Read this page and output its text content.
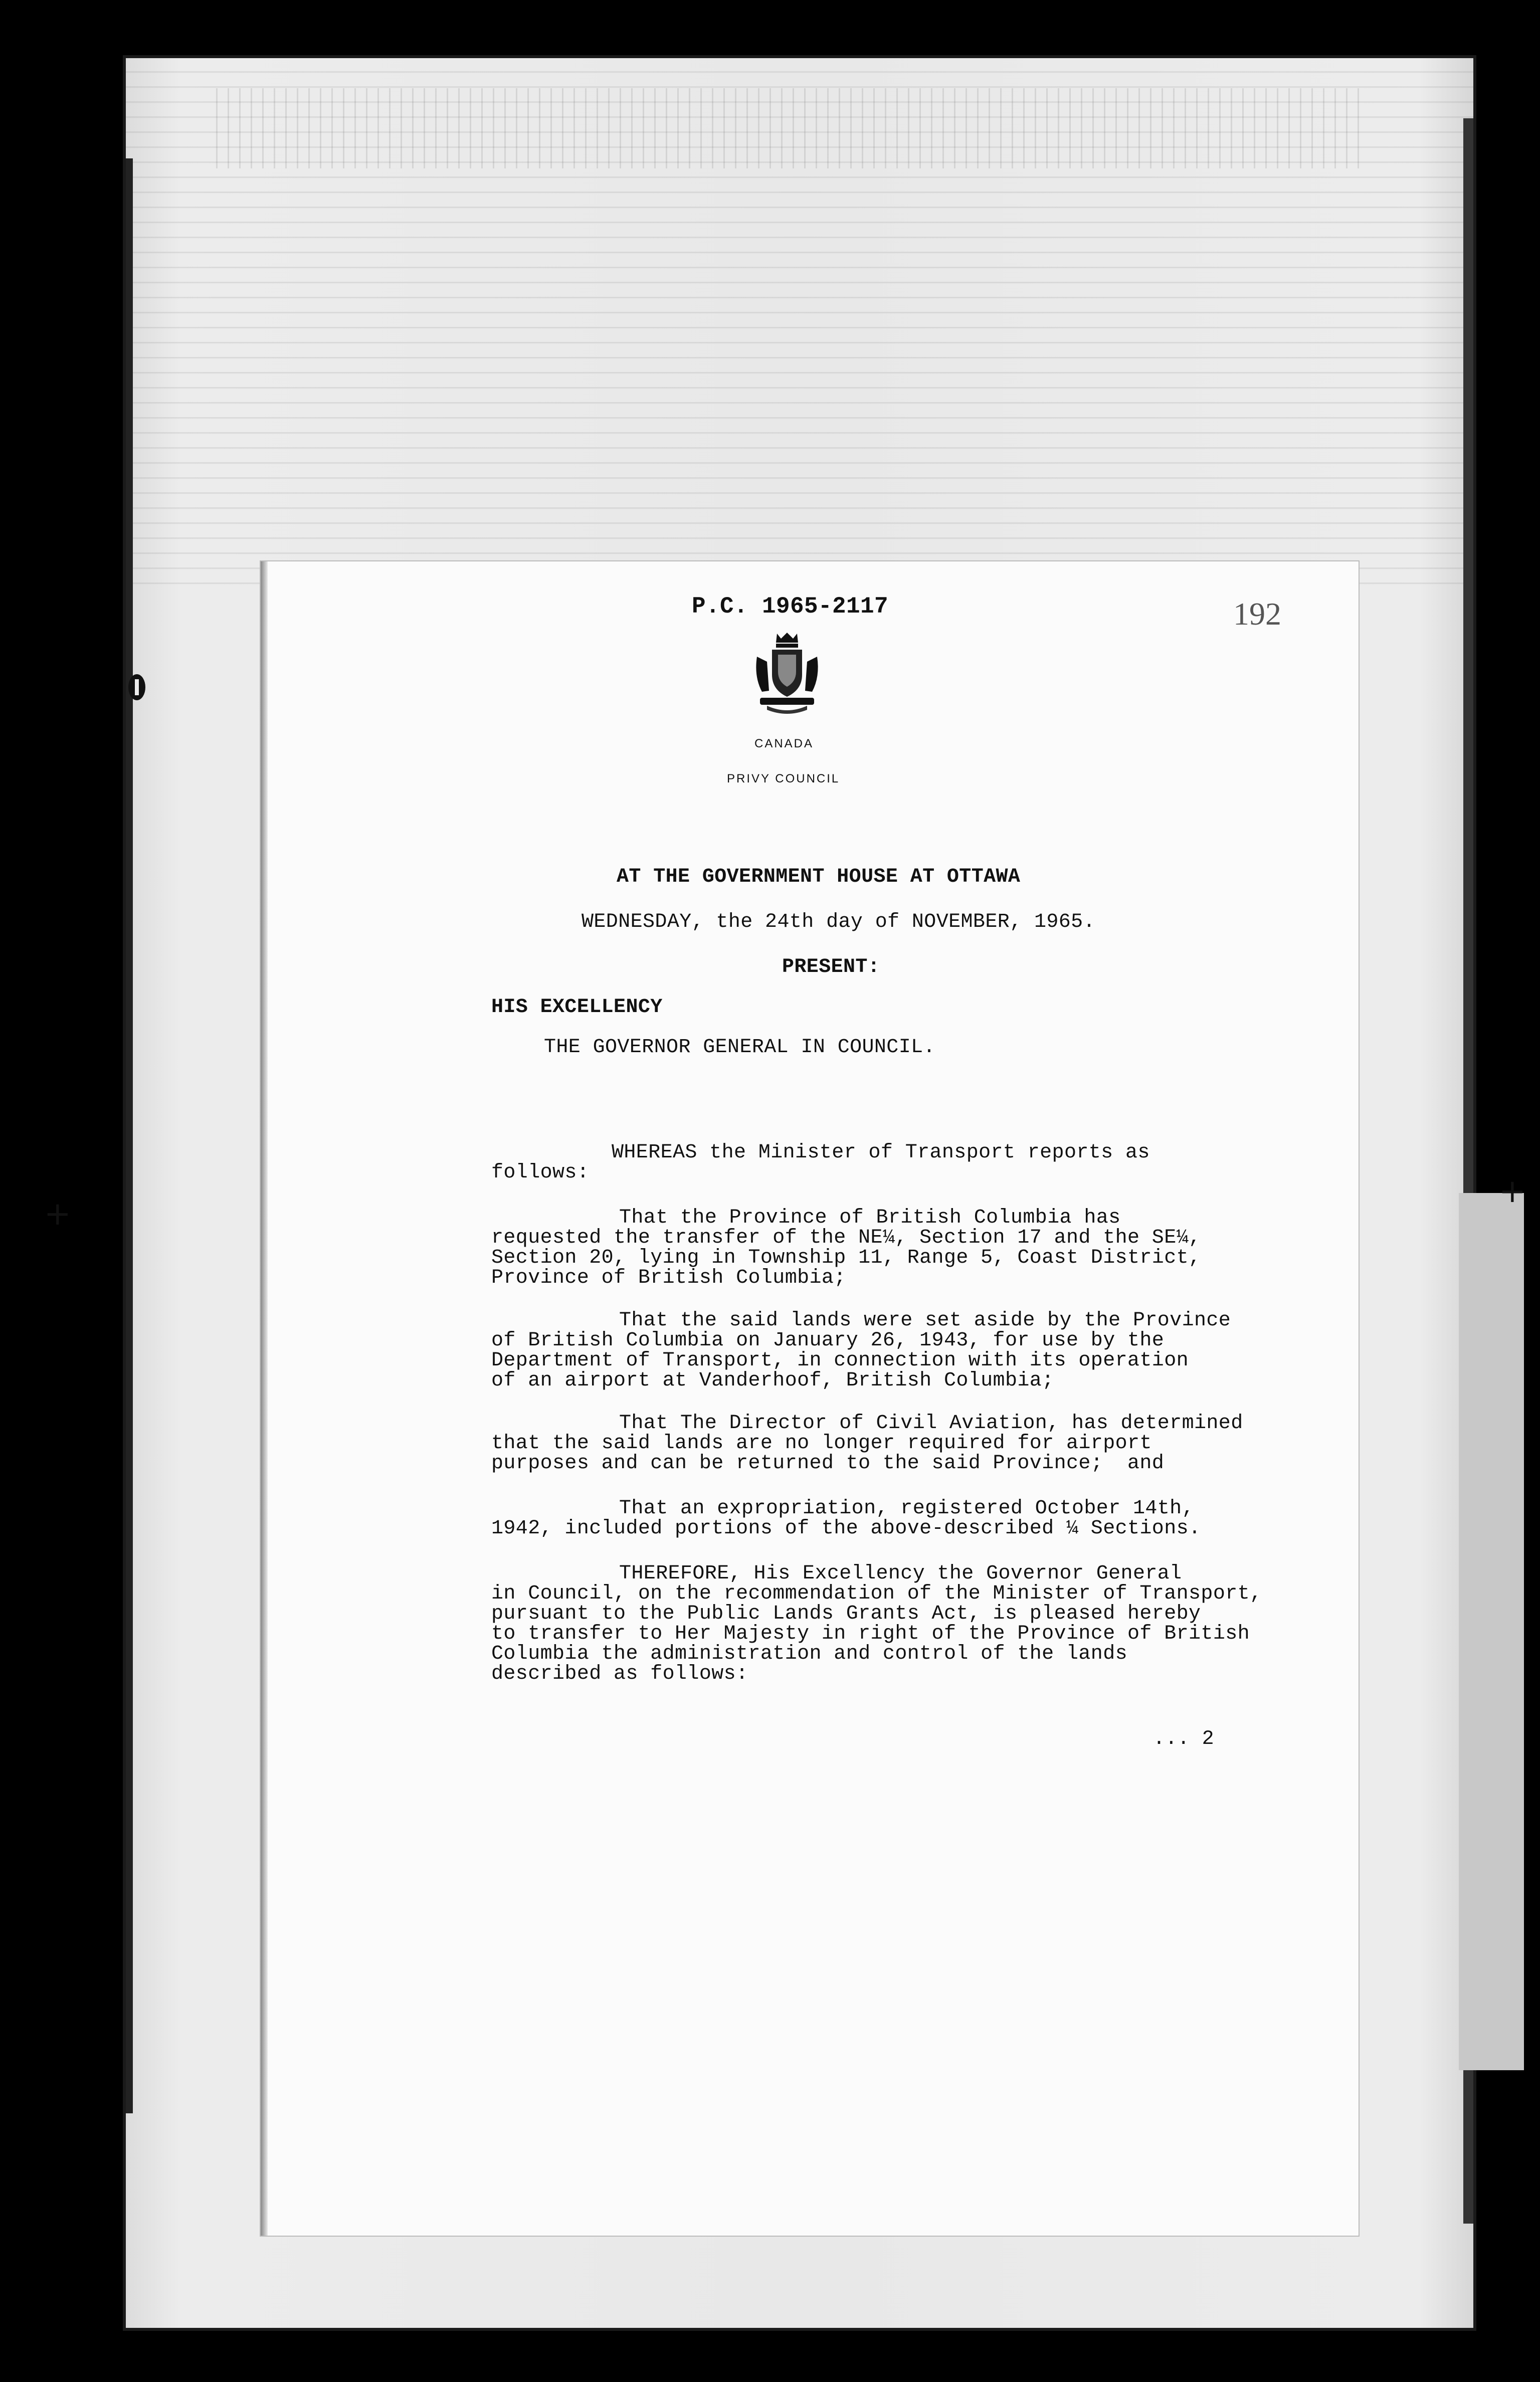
+
+
P.C. 1965-2117	192
CANADA
PRIVY COUNCIL
AT THE GOVERNMENT HOUSE AT OTTAWA
WEDNESDAY, the 24th day of NOVEMBER, 1965.
PRESENT:
HIS EXCELLENCY
THE GOVERNOR GENERAL IN COUNCIL.
WHEREAS the Minister of Transport reports as
follows:
That the Province of British Columbia has
requested the transfer of the NE¼, Section 17 and the SE¼,
Section 20, lying in Township 11, Range 5, Coast District,
Province of British Columbia;
That the said lands were set aside by the Province
of British Columbia on January 26, 1943, for use by the
Department of Transport, in connection with its operation
of an airport at Vanderhoof, British Columbia;
That The Director of Civil Aviation, has determined
that the said lands are no longer required for airport
purposes and can be returned to the said Province;  and
That an expropriation, registered October 14th,
1942, included portions of the above-described ¼ Sections.
THEREFORE, His Excellency the Governor General
in Council, on the recommendation of the Minister of Transport,
pursuant to the Public Lands Grants Act, is pleased hereby
to transfer to Her Majesty in right of the Province of British
Columbia the administration and control of the lands
described as follows:
... 2
